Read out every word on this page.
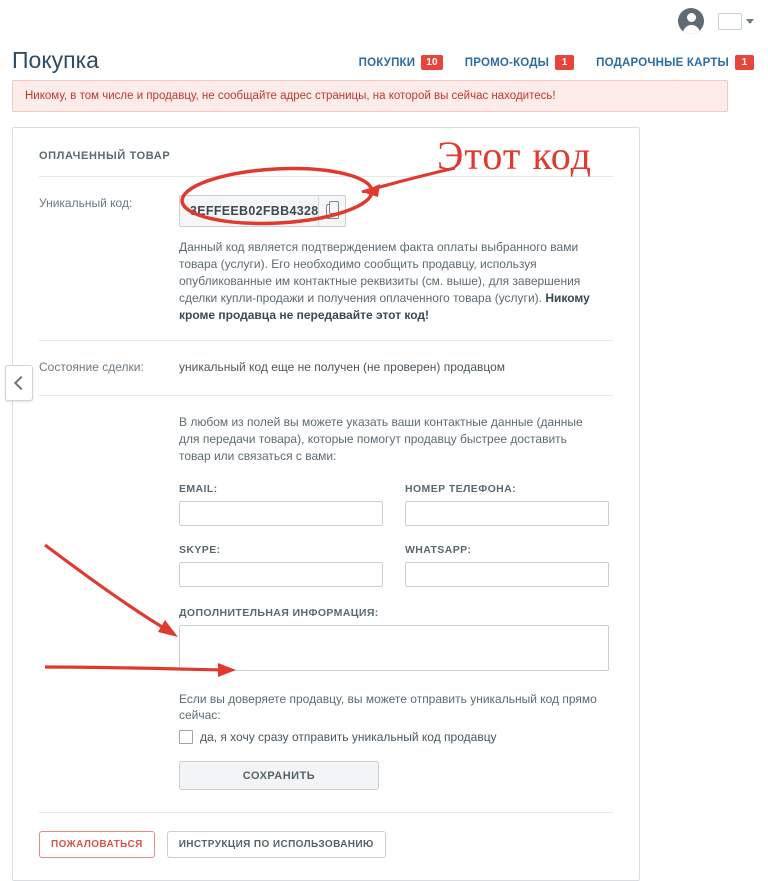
Покупка	ПОКУПКИ	10	ПРОМО-КОДЫ	1	ПОДАРОЧНЫЕ КАРТЫ	1
Никому, в том числе и продавцу, не сообщайте адрес страницы, на которой вы сейчас находитесь!
ОПЛАЧЕННЫЙ ТОВАР
Уникальный код:
3EFFEEB02FBB4328
Данный код является подтверждением факта оплаты выбранного вами товара (услуги). Его необходимо сообщить продавцу, используя опубликованные им контактные реквизиты (см. выше), для завершения сделки купли-продажи и получения оплаченного товара (услуги). Никому кроме продавца не передавайте этот код!
Состояние сделки:	уникальный код еще не получен (не проверен) продавцом
В любом из полей вы можете указать ваши контактные данные (данные для передачи товара), которые помогут продавцу быстрее доставить товар или связаться с вами:
EMAIL:	НОМЕР ТЕЛЕФОНА:
SKYPE:	WHATSAPP:
ДОПОЛНИТЕЛЬНАЯ ИНФОРМАЦИЯ:
Если вы доверяете продавцу, вы можете отправить уникальный код прямо сейчас:
да, я хочу сразу отправить уникальный код продавцу
СОХРАНИТЬ
ПОЖАЛОВАТЬСЯ	ИНСТРУКЦИЯ ПО ИСПОЛЬЗОВАНИЮ
Этот код
